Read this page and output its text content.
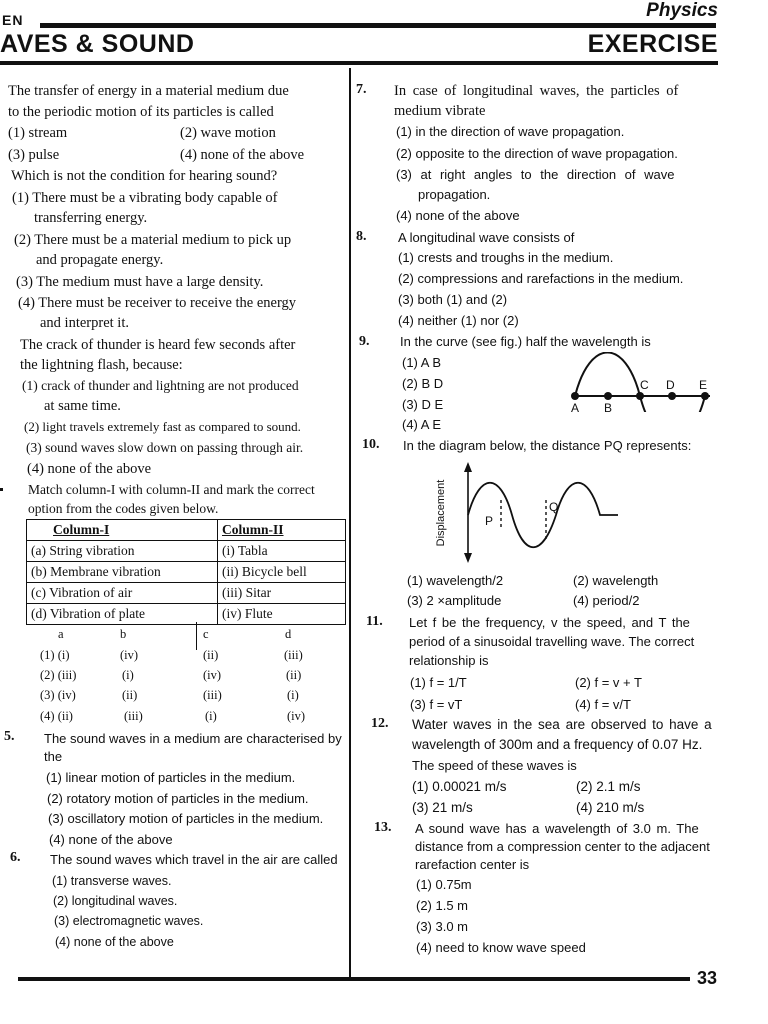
EN	Physics
AVES & SOUND	EXERCISE
The transfer of energy in a material medium due
to the periodic motion of its particles is called
(1) stream	(2) wave motion
(3) pulse	(4) none of the above
Which is not the condition for hearing sound?
(1) There must be a vibrating body capable of
transferring energy.
(2) There must be a material medium to pick up
and propagate energy.
(3) The medium must have a large density.
(4) There must be receiver to receive the energy
and interpret it.
The crack of thunder is heard few seconds after
the lightning flash, because:
(1) crack of thunder and lightning are not produced
at same time.
(2) light travels extremely fast as compared to sound.
(3) sound waves slow down on passing through air.
(4) none of the above
Match column-I with column-II and mark the correct
option from the codes given below.
Column-I	Column-II
(a) String vibration	(i) Tabla
(b) Membrane vibration	(ii) Bicycle bell
(c) Vibration of air	(iii) Sitar
(d) Vibration of plate	(iv) Flute
a	b	c	d
(1) (i)	(iv)	(ii)	(iii)
(2) (iii)	(i)	(iv)	(ii)
(3) (iv)	(ii)	(iii)	(i)
(4) (ii)	(iii)	(i)	(iv)
5. The sound waves in a medium are characterised by
the
(1) linear motion of particles in the medium.
(2) rotatory motion of particles in the medium.
(3) oscillatory motion of particles in the medium.
(4) none of the above
6. The sound waves which travel in the air are called
(1) transverse waves.
(2) longitudinal waves.
(3) electromagnetic waves.
(4) none of the above
7. In case of longitudinal waves, the particles of
medium vibrate
(1) in the direction of wave propagation.
(2) opposite to the direction of wave propagation.
(3) at right angles to the direction of wave
propagation.
(4) none of the above
8. A longitudinal wave consists of
(1) crests and troughs in the medium.
(2) compressions and rarefactions in the medium.
(3) both (1) and (2)
(4) neither (1) nor (2)
9. In the curve (see fig.) half the wavelength is
(1) A B
(2) B D
(3) D E
(4) A E
A B
C D E
10. In the diagram below, the distance PQ represents:
Displacement	P
Q
(1) wavelength/2	(2) wavelength
(3) 2 ×amplitude	(4) period/2
11. Let f be the frequency, v the speed, and T the
period of a sinusoidal travelling wave. The correct
relationship is
(1) f = 1/T	(2) f = v + T
(3) f = vT	(4) f = v/T
12. Water waves in the sea are observed to have a
wavelength of 300m and a frequency of 0.07 Hz.
The speed of these waves is
(1) 0.00021 m/s	(2) 2.1 m/s
(3) 21 m/s	(4) 210 m/s
13. A sound wave has a wavelength of 3.0 m. The
distance from a compression center to the adjacent
rarefaction center is
(1) 0.75m
(2) 1.5 m
(3) 3.0 m
(4) need to know wave speed
33
